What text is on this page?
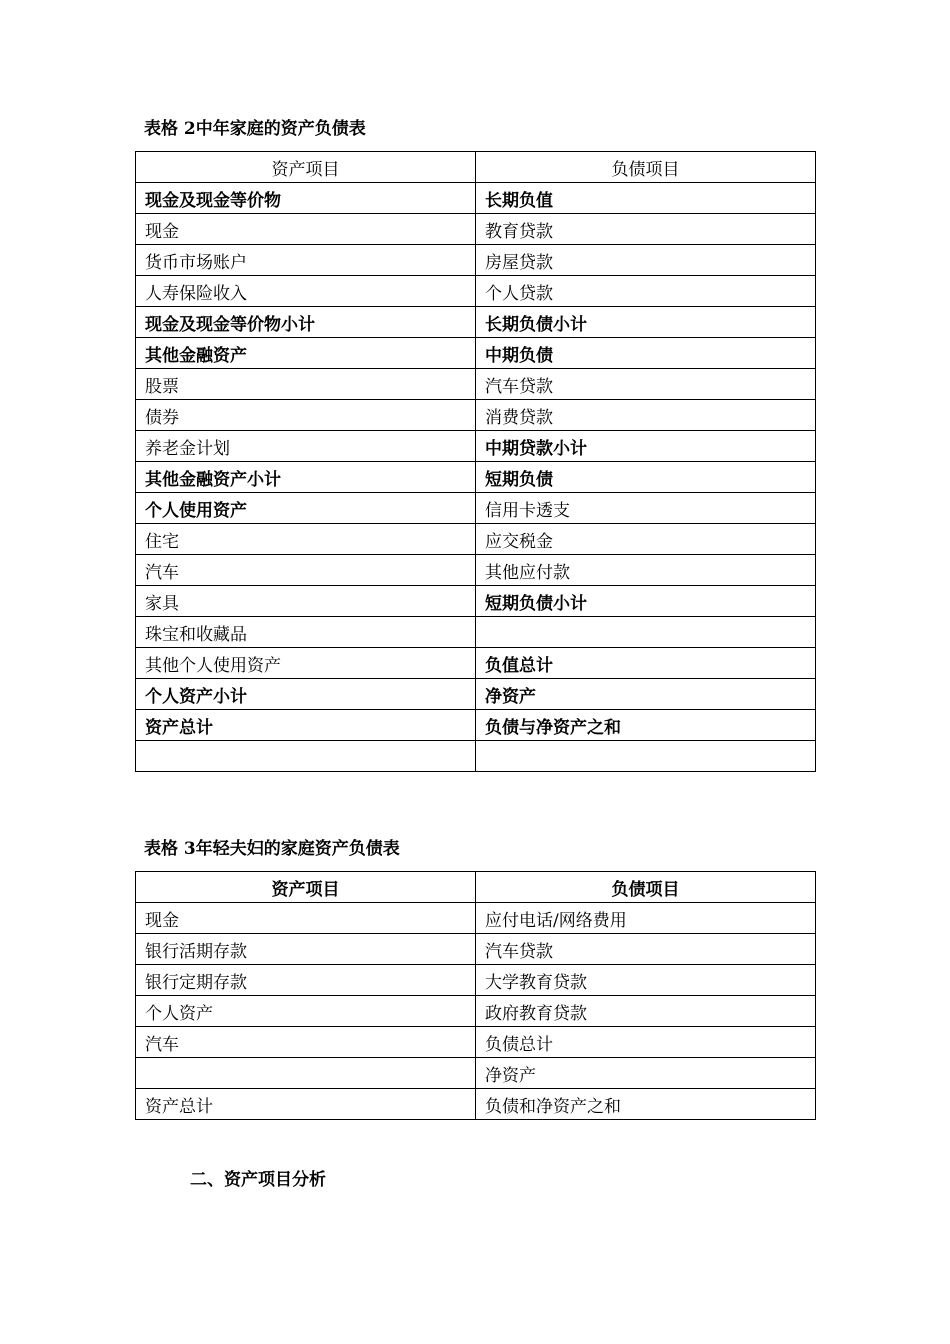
表格 2中年家庭的资产负债表
资产项目	负债项目
现金及现金等价物	长期负值
现金	教育贷款
货币市场账户	房屋贷款
人寿保险收入	个人贷款
现金及现金等价物小计	长期负债小计
其他金融资产	中期负债
股票	汽车贷款
债券	消费贷款
养老金计划	中期贷款小计
其他金融资产小计	短期负债
个人使用资产	信用卡透支
住宅	应交税金
汽车	其他应付款
家具	短期负债小计
珠宝和收藏品	
其他个人使用资产	负值总计
个人资产小计	净资产
资产总计	负债与净资产之和

表格 3年轻夫妇的家庭资产负债表
资产项目	负债项目
现金	应付电话/网络费用
银行活期存款	汽车贷款
银行定期存款	大学教育贷款
个人资产	政府教育贷款
汽车	负债总计
	净资产
资产总计	负债和净资产之和
二、资产项目分析
